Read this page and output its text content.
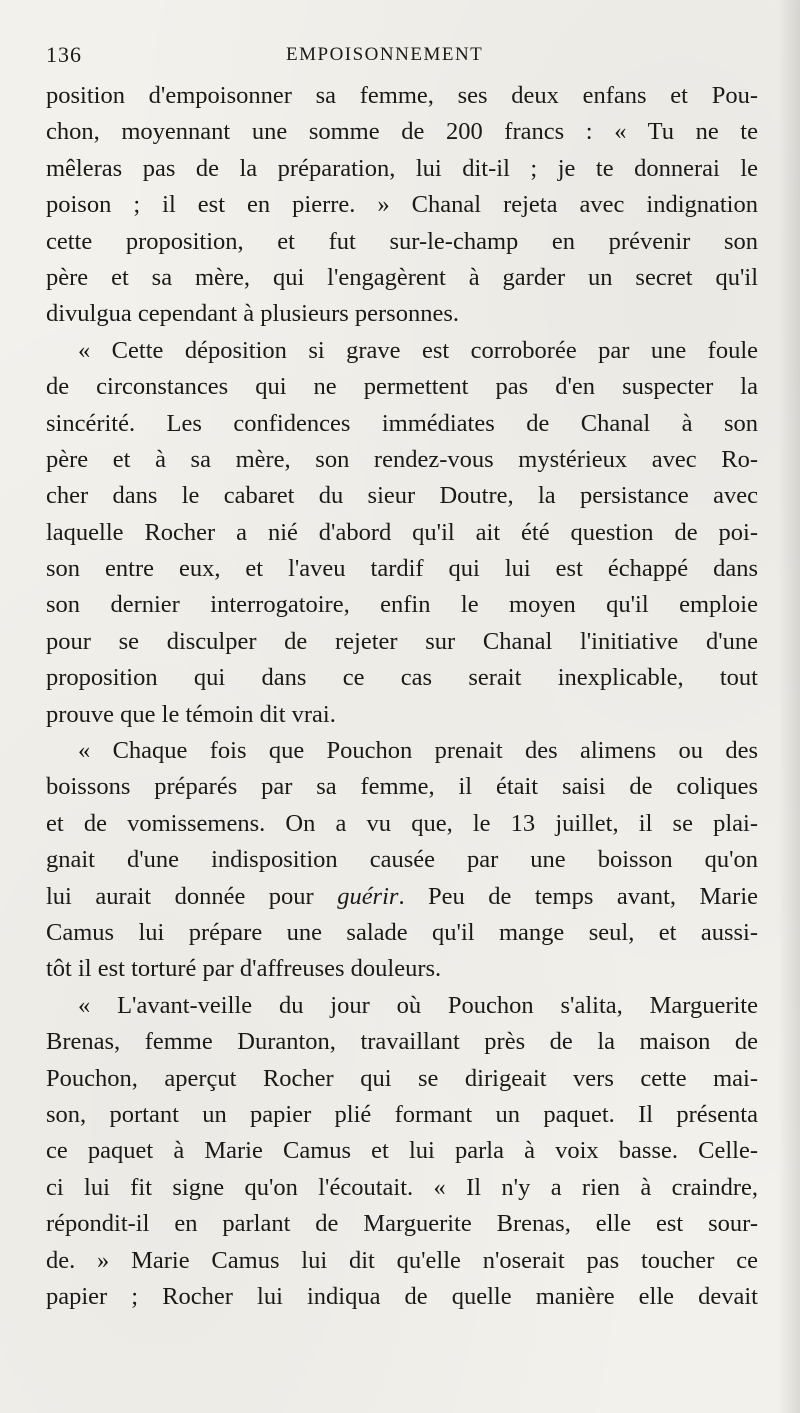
136	EMPOISONNEMENT
position d'empoisonner sa femme, ses deux enfans et Pou-
chon, moyennant une somme de 200 francs : « Tu ne te
mêleras pas de la préparation, lui dit-il ; je te donnerai le
poison ; il est en pierre. » Chanal rejeta avec indignation
cette proposition, et fut sur-le-champ en prévenir son
père et sa mère, qui l'engagèrent à garder un secret qu'il
divulgua cependant à plusieurs personnes.
« Cette déposition si grave est corroborée par une foule
de circonstances qui ne permettent pas d'en suspecter la
sincérité. Les confidences immédiates de Chanal à son
père et à sa mère, son rendez-vous mystérieux avec Ro-
cher dans le cabaret du sieur Doutre, la persistance avec
laquelle Rocher a nié d'abord qu'il ait été question de poi-
son entre eux, et l'aveu tardif qui lui est échappé dans
son dernier interrogatoire, enfin le moyen qu'il emploie
pour se disculper de rejeter sur Chanal l'initiative d'une
proposition qui dans ce cas serait inexplicable, tout
prouve que le témoin dit vrai.
« Chaque fois que Pouchon prenait des alimens ou des
boissons préparés par sa femme, il était saisi de coliques
et de vomissemens. On a vu que, le 13 juillet, il se plai-
gnait d'une indisposition causée par une boisson qu'on
lui aurait donnée pour guérir. Peu de temps avant, Marie
Camus lui prépare une salade qu'il mange seul, et aussi-
tôt il est torturé par d'affreuses douleurs.
« L'avant-veille du jour où Pouchon s'alita, Marguerite
Brenas, femme Duranton, travaillant près de la maison de
Pouchon, aperçut Rocher qui se dirigeait vers cette mai-
son, portant un papier plié formant un paquet. Il présenta
ce paquet à Marie Camus et lui parla à voix basse. Celle-
ci lui fit signe qu'on l'écoutait. « Il n'y a rien à craindre,
répondit-il en parlant de Marguerite Brenas, elle est sour-
de. » Marie Camus lui dit qu'elle n'oserait pas toucher ce
papier ; Rocher lui indiqua de quelle manière elle devait
